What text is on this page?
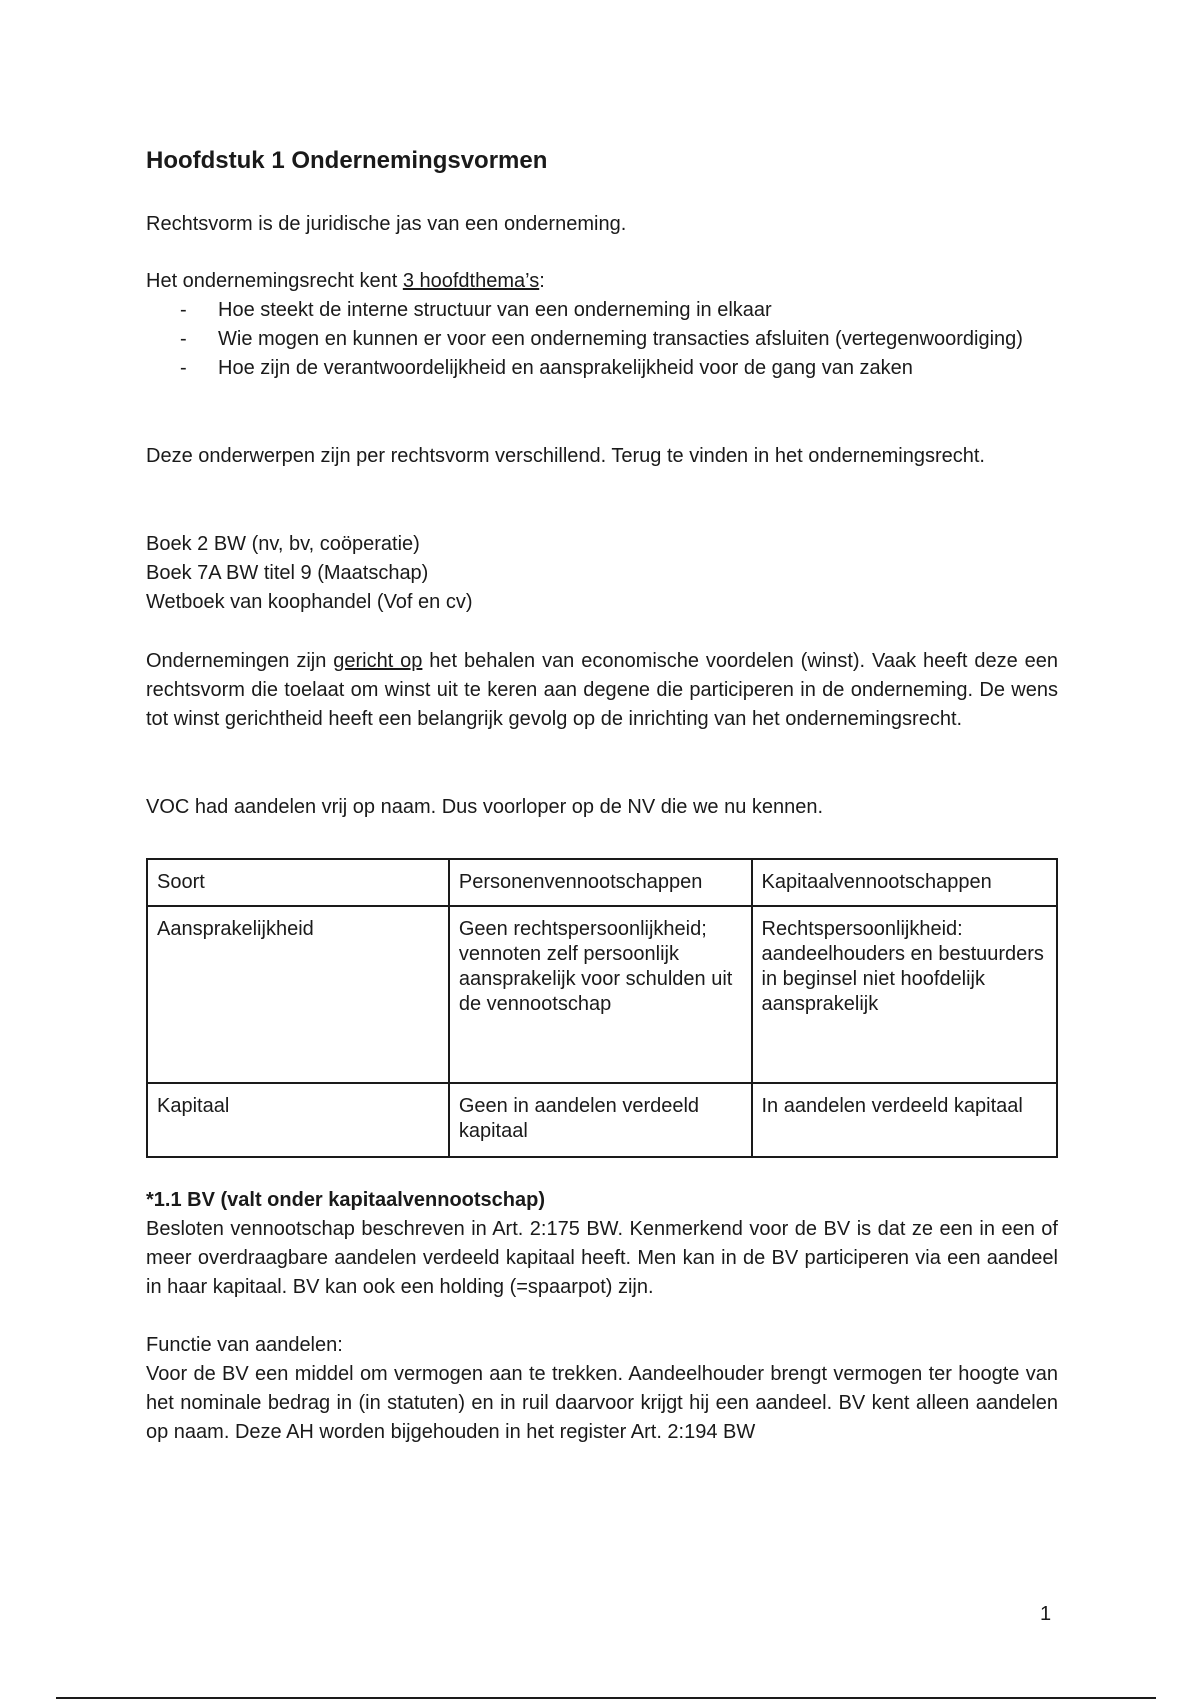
Hoofdstuk 1 Ondernemingsvormen

Rechtsvorm is de juridische jas van een onderneming.

Het ondernemingsrecht kent 3 hoofdthema’s:

- Hoe steekt de interne structuur van een onderneming in elkaar
- Wie mogen en kunnen er voor een onderneming transacties afsluiten (vertegenwoordiging)
- Hoe zijn de verantwoordelijkheid en aansprakelijkheid voor de gang van zaken

Deze onderwerpen zijn per rechtsvorm verschillend. Terug te vinden in het ondernemingsrecht.

Boek 2 BW (nv, bv, coöperatie)
Boek 7A BW titel 9 (Maatschap)
Wetboek van koophandel (Vof en cv)

Ondernemingen zijn gericht op het behalen van economische voordelen (winst). Vaak heeft deze een rechtsvorm die toelaat om winst uit te keren aan degene die participeren in de onderneming. De wens tot winst gerichtheid heeft een belangrijk gevolg op de inrichting van het ondernemingsrecht.

VOC had aandelen vrij op naam. Dus voorloper op de NV die we nu kennen.

Soort	Personenvennootschappen	Kapitaalvennootschappen
Aansprakelijkheid	Geen rechtspersoonlijkheid; vennoten zelf persoonlijk aansprakelijk voor schulden uit de vennootschap	Rechtspersoonlijkheid: aandeelhouders en bestuurders in beginsel niet hoofdelijk aansprakelijk
Kapitaal	Geen in aandelen verdeeld kapitaal	In aandelen verdeeld kapitaal

*1.1 BV (valt onder kapitaalvennootschap)

Besloten vennootschap beschreven in Art. 2:175 BW. Kenmerkend voor de BV is dat ze een in een of meer overdraagbare aandelen verdeeld kapitaal heeft. Men kan in de BV participeren via een aandeel in haar kapitaal. BV kan ook een holding (=spaarpot) zijn.

Functie van aandelen:

Voor de BV een middel om vermogen aan te trekken. Aandeelhouder brengt vermogen ter hoogte van het nominale bedrag in (in statuten) en in ruil daarvoor krijgt hij een aandeel. BV kent alleen aandelen op naam. Deze AH worden bijgehouden in het register Art. 2:194 BW

1
